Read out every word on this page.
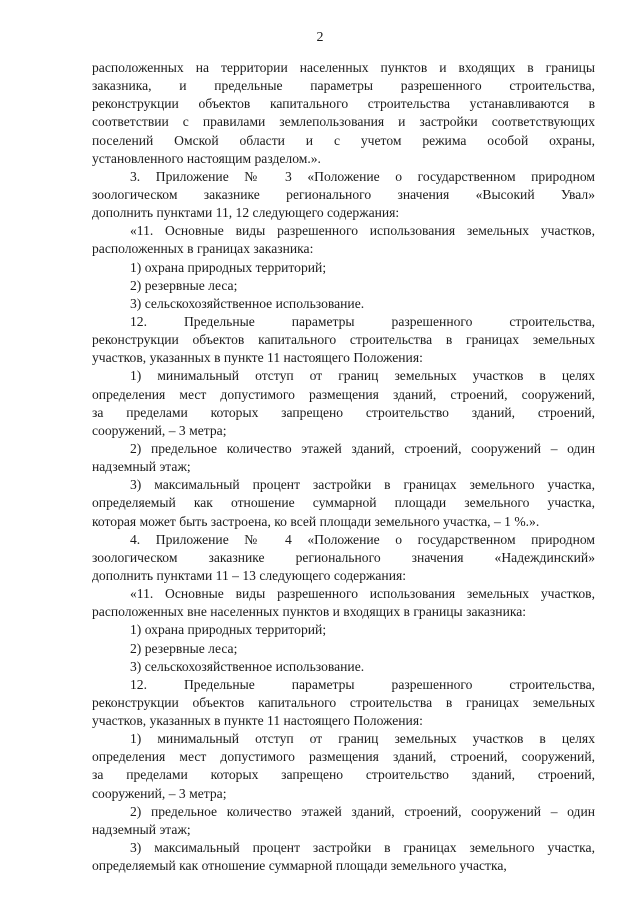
2
расположенных на территории населенных пунктов и входящих в границы
заказника, и предельные параметры разрешенного строительства,
реконструкции объектов капитального строительства устанавливаются в
соответствии с правилами землепользования и застройки соответствующих
поселений Омской области и с учетом режима особой охраны,
установленного настоящим разделом.».
3. Приложение № 3 «Положение о государственном природном
зоологическом заказнике регионального значения «Высокий Увал»
дополнить пунктами 11, 12 следующего содержания:
«11. Основные виды разрешенного использования земельных участков,
расположенных в границах заказника:
1) охрана природных территорий;
2) резервные леса;
3) сельскохозяйственное использование.
12. Предельные параметры разрешенного строительства,
реконструкции объектов капитального строительства в границах земельных
участков, указанных в пункте 11 настоящего Положения:
1) минимальный отступ от границ земельных участков в целях
определения мест допустимого размещения зданий, строений, сооружений,
за пределами которых запрещено строительство зданий, строений,
сооружений, – 3 метра;
2) предельное количество этажей зданий, строений, сооружений – один
надземный этаж;
3) максимальный процент застройки в границах земельного участка,
определяемый как отношение суммарной площади земельного участка,
которая может быть застроена, ко всей площади земельного участка, – 1 %.».
4. Приложение № 4 «Положение о государственном природном
зоологическом заказнике регионального значения «Надеждинский»
дополнить пунктами 11 – 13 следующего содержания:
«11. Основные виды разрешенного использования земельных участков,
расположенных вне населенных пунктов и входящих в границы заказника:
1) охрана природных территорий;
2) резервные леса;
3) сельскохозяйственное использование.
12. Предельные параметры разрешенного строительства,
реконструкции объектов капитального строительства в границах земельных
участков, указанных в пункте 11 настоящего Положения:
1) минимальный отступ от границ земельных участков в целях
определения мест допустимого размещения зданий, строений, сооружений,
за пределами которых запрещено строительство зданий, строений,
сооружений, – 3 метра;
2) предельное количество этажей зданий, строений, сооружений – один
надземный этаж;
3) максимальный процент застройки в границах земельного участка,
определяемый как отношение суммарной площади земельного участка,
